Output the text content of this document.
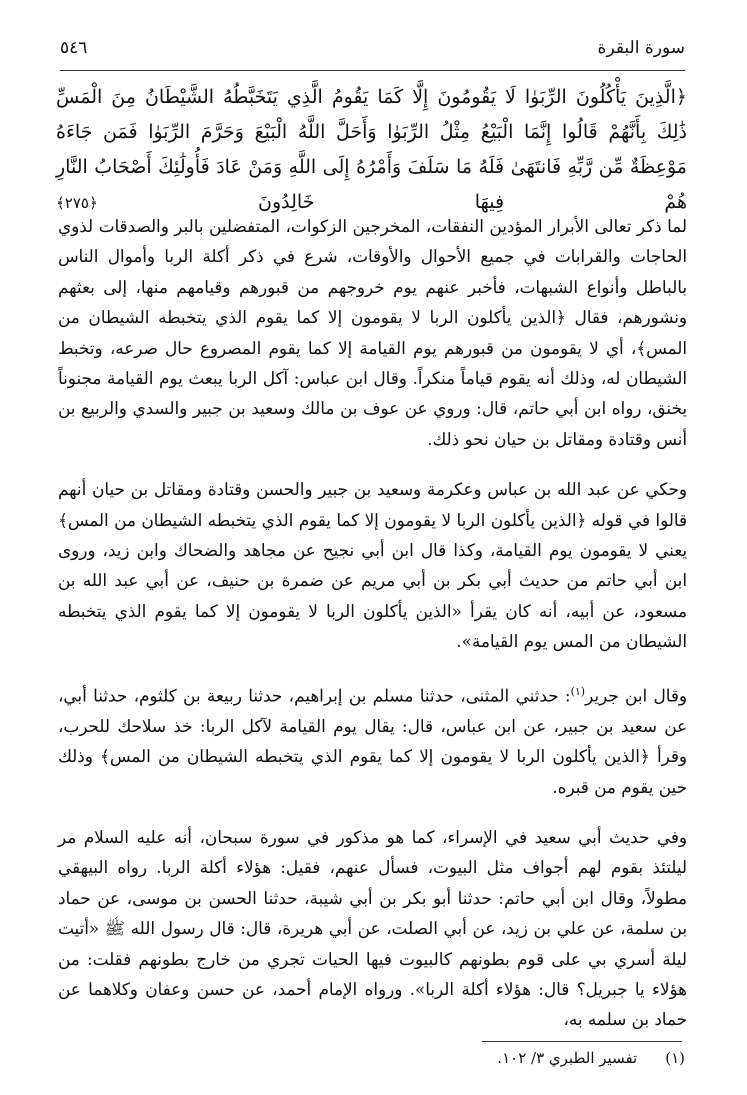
سورة البقرة
٥٤٦
﴿الَّذِينَ يَأْكُلُونَ الرِّبَوٰا لَا يَقُومُونَ إِلَّا كَمَا يَقُومُ الَّذِي يَتَخَبَّطُهُ الشَّيْطَانُ مِنَ الْمَسِّ ذَٰلِكَ بِأَنَّهُمْ قَالُوا إِنَّمَا الْبَيْعُ مِثْلُ الرِّبَوٰا وَأَحَلَّ اللَّهُ الْبَيْعَ وَحَرَّمَ الرِّبَوٰا فَمَن جَاءَهُ مَوْعِظَةٌ مِّن رَّبِّهِ فَانتَهَىٰ فَلَهُ مَا سَلَفَ وَأَمْرُهُ إِلَى اللَّهِ وَمَنْ عَادَ فَأُولَٰئِكَ أَصْحَابُ النَّارِ هُمْ فِيهَا خَالِدُونَ ﴿٢٧٥﴾

لما ذكر تعالى الأبرار المؤدين النفقات، المخرجين الزكوات، المتفضلين بالبر والصدقات لذوي الحاجات والقرابات في جميع الأحوال والأوقات، شرع في ذكر أكلة الربا وأموال الناس بالباطل وأنواع الشبهات، فأخبر عنهم يوم خروجهم من قبورهم وقيامهم منها، إلى بعثهم ونشورهم، فقال ﴿الذين يأكلون الربا لا يقومون إلا كما يقوم الذي يتخبطه الشيطان من المس﴾، أي لا يقومون من قبورهم يوم القيامة إلا كما يقوم المصروع حال صرعه، وتخبط الشيطان له، وذلك أنه يقوم قياماً منكراً. وقال ابن عباس: آكل الربا يبعث يوم القيامة مجنوناً يخنق، رواه ابن أبي حاتم، قال: وروي عن عوف بن مالك وسعيد بن جبير والسدي والربيع بن أنس وقتادة ومقاتل بن حيان نحو ذلك.

وحكي عن عبد الله بن عباس وعكرمة وسعيد بن جبير والحسن وقتادة ومقاتل بن حيان أنهم قالوا في قوله ﴿الذين يأكلون الربا لا يقومون إلا كما يقوم الذي يتخبطه الشيطان من المس﴾ يعني لا يقومون يوم القيامة، وكذا قال ابن أبي نجيح عن مجاهد والضحاك وابن زيد، وروى ابن أبي حاتم من حديث أبي بكر بن أبي مريم عن ضمرة بن حنيف، عن أبي عبد الله بن مسعود، عن أبيه، أنه كان يقرأ «الذين يأكلون الربا لا يقومون إلا كما يقوم الذي يتخبطه الشيطان من المس يوم القيامة».

وقال ابن جرير$^{(١)}$: حدثني المثنى، حدثنا مسلم بن إبراهيم، حدثنا ربيعة بن كلثوم، حدثنا أبي، عن سعيد بن جبير، عن ابن عباس، قال: يقال يوم القيامة لآكل الربا: خذ سلاحك للحرب، وقرأ ﴿الذين يأكلون الربا لا يقومون إلا كما يقوم الذي يتخبطه الشيطان من المس﴾ وذلك حين يقوم من قبره.

وفي حديث أبي سعيد في الإسراء، كما هو مذكور في سورة سبحان، أنه عليه السلام مر ليلتئذ بقوم لهم أجواف مثل البيوت، فسأل عنهم، فقيل: هؤلاء أكلة الربا. رواه البيهقي مطولاً، وقال ابن أبي حاتم: حدثنا أبو بكر بن أبي شيبة، حدثنا الحسن بن موسى، عن حماد بن سلمة، عن علي بن زيد، عن أبي الصلت، عن أبي هريرة، قال: قال رسول الله ﷺ «أتيت ليلة أسري بي على قوم بطونهم كالبيوت فيها الحيات تجري من خارج بطونهم فقلت: من هؤلاء يا جبريل؟ قال: هؤلاء أكلة الربا». ورواه الإمام أحمد، عن حسن وعفان وكلاهما عن حماد بن سلمه به،

(١)تفسير الطبري ٣/ ١٠٢.
